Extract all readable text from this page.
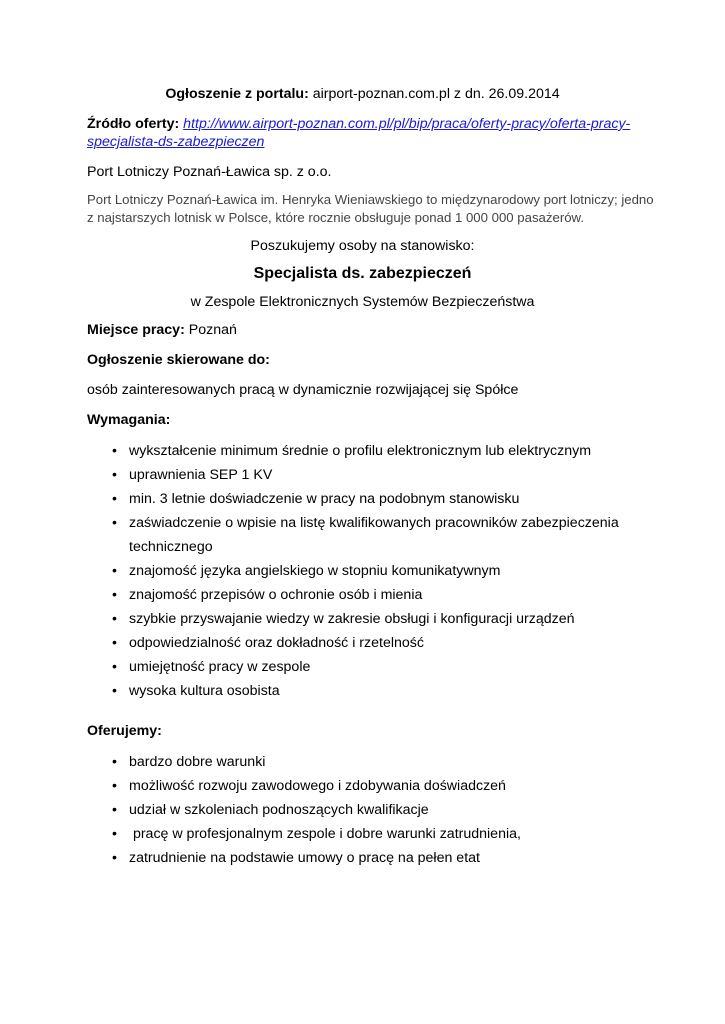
Ogłoszenie z portalu: airport-poznan.com.pl z dn. 26.09.2014
Źródło oferty: http://www.airport-poznan.com.pl/pl/bip/praca/oferty-pracy/oferta-pracy-
specjalista-ds-zabezpieczen
Port Lotniczy Poznań-Ławica sp. z o.o.
Port Lotniczy Poznań-Ławica im. Henryka Wieniawskiego to międzynarodowy port lotniczy; jedno
z najstarszych lotnisk w Polsce, które rocznie obsługuje ponad 1 000 000 pasażerów.
Poszukujemy osoby na stanowisko:
Specjalista ds. zabezpieczeń
w Zespole Elektronicznych Systemów Bezpieczeństwa
Miejsce pracy: Poznań
Ogłoszenie skierowane do:
osób zainteresowanych pracą w dynamicznie rozwijającej się Spółce
Wymagania:
• wykształcenie minimum średnie o profilu elektronicznym lub elektrycznym
• uprawnienia SEP 1 KV
• min. 3 letnie doświadczenie w pracy na podobnym stanowisku
• zaświadczenie o wpisie na listę kwalifikowanych pracowników zabezpieczenia
technicznego
• znajomość języka angielskiego w stopniu komunikatywnym
• znajomość przepisów o ochronie osób i mienia
• szybkie przyswajanie wiedzy w zakresie obsługi i konfiguracji urządzeń
• odpowiedzialność oraz dokładność i rzetelność
• umiejętność pracy w zespole
• wysoka kultura osobista
Oferujemy:
• bardzo dobre warunki
• możliwość rozwoju zawodowego i zdobywania doświadczeń
• udział w szkoleniach podnoszących kwalifikacje
• pracę w profesjonalnym zespole i dobre warunki zatrudnienia,
• zatrudnienie na podstawie umowy o pracę na pełen etat
